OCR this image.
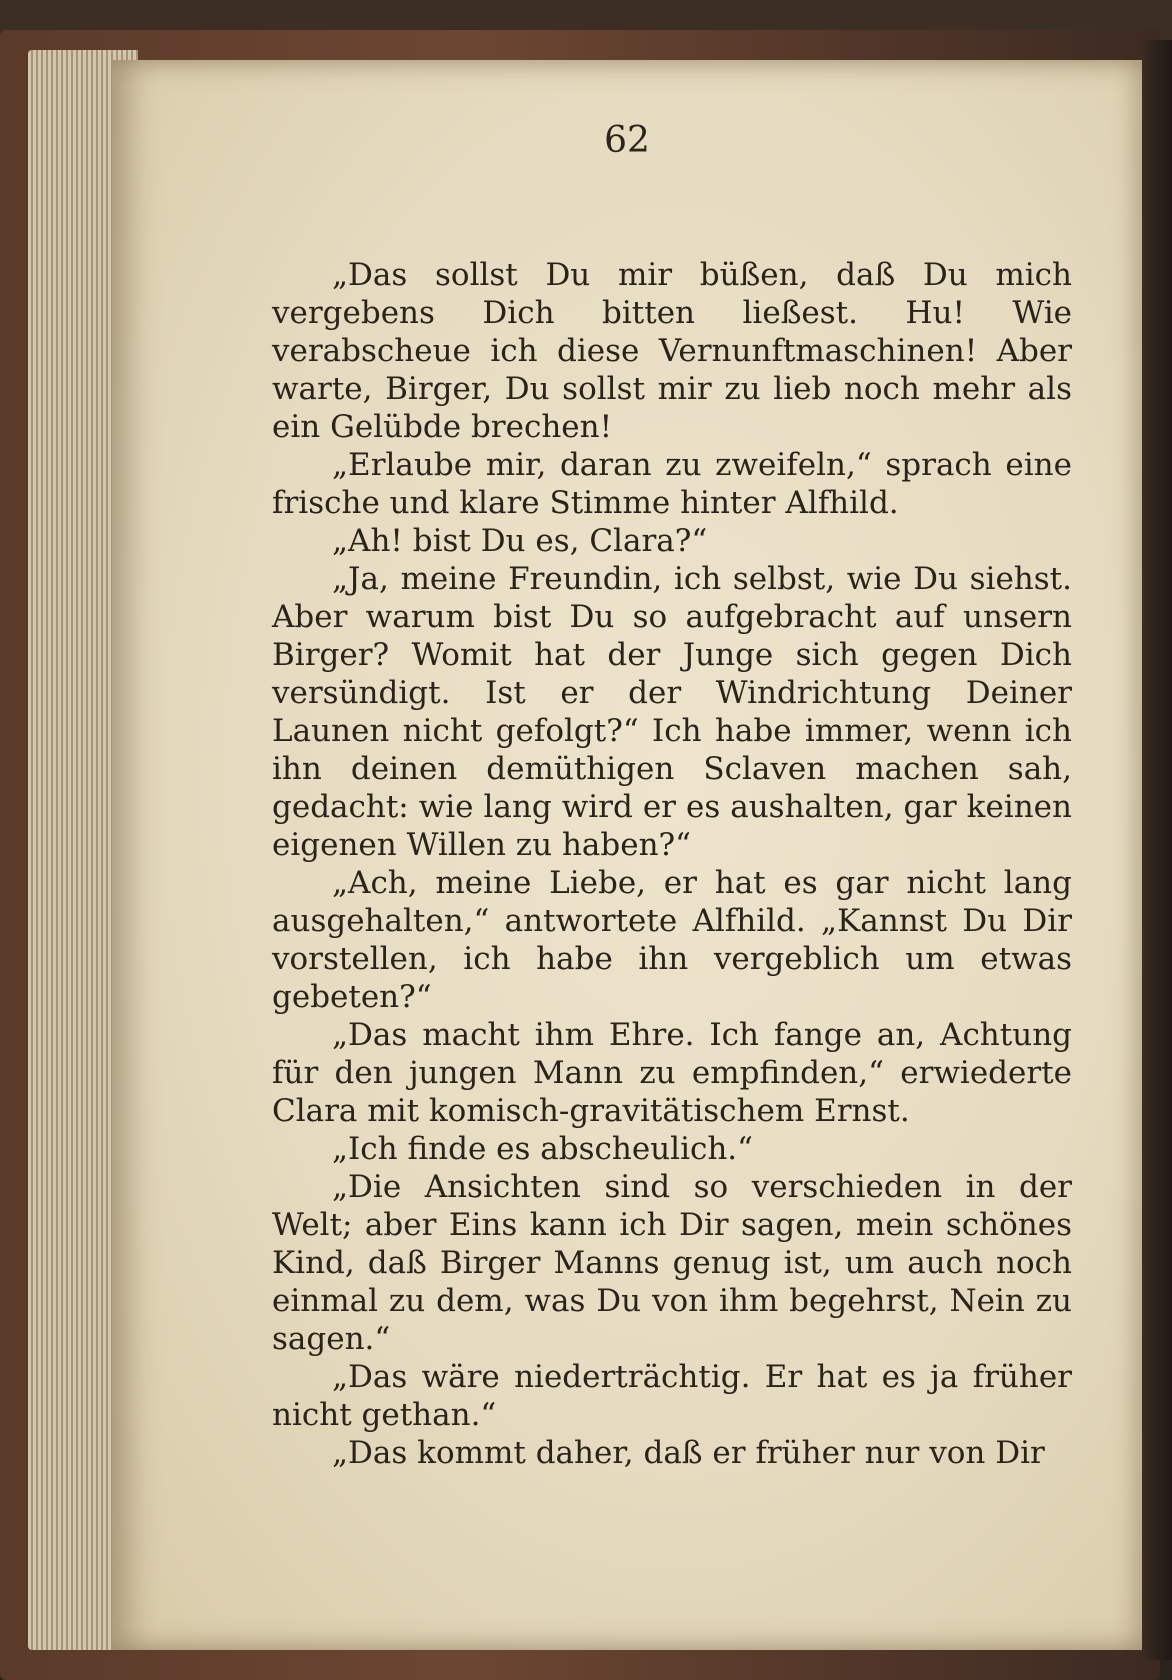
62

„Das sollst Du mir büßen, daß Du mich vergebens Dich bitten ließest. Hu! Wie verabscheue ich diese Vernunftmaschinen! Aber warte, Birger, Du sollst mir zu lieb noch mehr als ein Gelübde brechen!

„Erlaube mir, daran zu zweifeln,“ sprach eine frische und klare Stimme hinter Alfhild.

„Ah! bist Du es, Clara?“

„Ja, meine Freundin, ich selbst, wie Du siehst. Aber warum bist Du so aufgebracht auf unsern Birger? Womit hat der Junge sich gegen Dich versündigt. Ist er der Windrichtung Deiner Launen nicht gefolgt?“ Ich habe immer, wenn ich ihn deinen demüthigen Sclaven machen sah, gedacht: wie lang wird er es aushalten, gar keinen eigenen Willen zu haben?“

„Ach, meine Liebe, er hat es gar nicht lang ausgehalten,“ antwortete Alfhild. „Kannst Du Dir vorstellen, ich habe ihn vergeblich um etwas gebeten?“

„Das macht ihm Ehre. Ich fange an, Achtung für den jungen Mann zu empfinden,“ erwiederte Clara mit komisch-gravitätischem Ernst.

„Ich finde es abscheulich.“

„Die Ansichten sind so verschieden in der Welt; aber Eins kann ich Dir sagen, mein schönes Kind, daß Birger Manns genug ist, um auch noch einmal zu dem, was Du von ihm begehrst, Nein zu sagen.“

„Das wäre niederträchtig. Er hat es ja früher nicht gethan.“

„Das kommt daher, daß er früher nur von Dir
